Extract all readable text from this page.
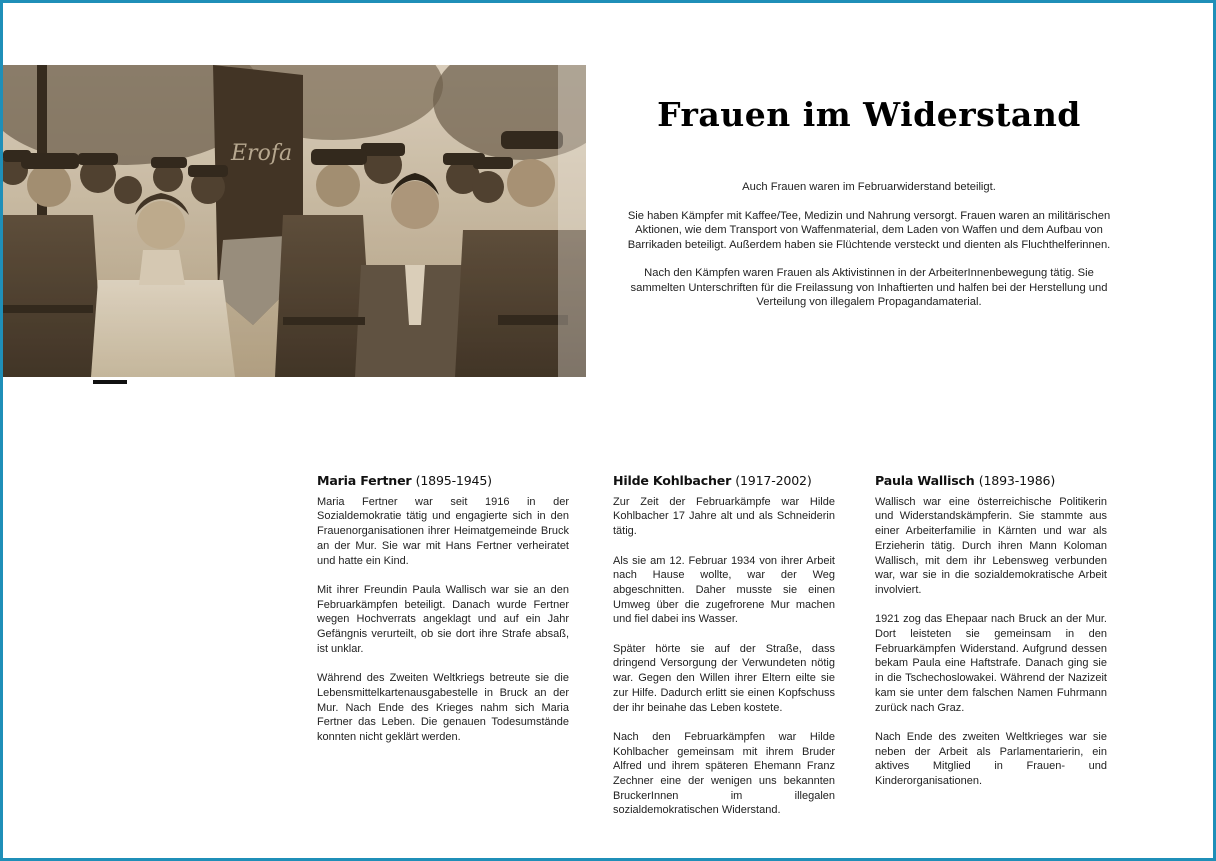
Erofa
Frauen im Widerstand

Auch Frauen waren im Februarwiderstand beteiligt.

Sie haben Kämpfer mit Kaffee/Tee, Medizin und Nahrung versorgt. Frauen waren an militärischen Aktionen, wie dem Transport von Waffenmaterial, dem Laden von Waffen und dem Aufbau von Barrikaden beteiligt. Außerdem haben sie Flüchtende versteckt und dienten als Fluchthelferinnen.

Nach den Kämpfen waren Frauen als Aktivistinnen in der ArbeiterInnenbewegung tätig. Sie sammelten Unterschriften für die Freilassung von Inhaftierten und halfen bei der Herstellung und Verteilung von illegalem Propagandamaterial.

Maria Fertner (1895-1945)

Maria Fertner war seit 1916 in der Sozialdemokratie tätig und engagierte sich in den Frauenorganisationen ihrer Heimatgemeinde Bruck an der Mur. Sie war mit Hans Fertner verheiratet und hatte ein Kind.

Mit ihrer Freundin Paula Wallisch war sie an den Februarkämpfen beteiligt. Danach wurde Fertner wegen Hochverrats angeklagt und auf ein Jahr Gefängnis verurteilt, ob sie dort ihre Strafe absaß, ist unklar.

Während des Zweiten Weltkriegs betreute sie die Lebensmittelkartenausgabestelle in Bruck an der Mur. Nach Ende des Krieges nahm sich Maria Fertner das Leben. Die genauen Todesumstände konnten nicht geklärt werden.

Hilde Kohlbacher (1917-2002)

Zur Zeit der Februarkämpfe war Hilde Kohlbacher 17 Jahre alt und als Schneiderin tätig.

Als sie am 12. Februar 1934 von ihrer Arbeit nach Hause wollte, war der Weg abgeschnitten. Daher musste sie einen Umweg über die zugefrorene Mur machen und fiel dabei ins Wasser.

Später hörte sie auf der Straße, dass dringend Versorgung der Verwundeten nötig war. Gegen den Willen ihrer Eltern eilte sie zur Hilfe. Dadurch erlitt sie einen Kopfschuss der ihr beinahe das Leben kostete.

Nach den Februarkämpfen war Hilde Kohlbacher gemeinsam mit ihrem Bruder Alfred und ihrem späteren Ehemann Franz Zechner eine der wenigen uns bekannten BruckerInnen im illegalen sozialdemokratischen Widerstand.

Paula Wallisch (1893-1986)

Wallisch war eine österreichische Politikerin und Widerstandskämpferin. Sie stammte aus einer Arbeiterfamilie in Kärnten und war als Erzieherin tätig. Durch ihren Mann Koloman Wallisch, mit dem ihr Lebensweg verbunden war, war sie in die sozialdemokratische Arbeit involviert.

1921 zog das Ehepaar nach Bruck an der Mur. Dort leisteten sie gemeinsam in den Februarkämpfen Widerstand. Aufgrund dessen bekam Paula eine Haftstrafe. Danach ging sie in die Tschechoslowakei. Während der Nazizeit kam sie unter dem falschen Namen Fuhrmann zurück nach Graz.

Nach Ende des zweiten Weltkrieges war sie neben der Arbeit als Parlamentarierin, ein aktives Mitglied in Frauen- und Kinderorganisationen.
